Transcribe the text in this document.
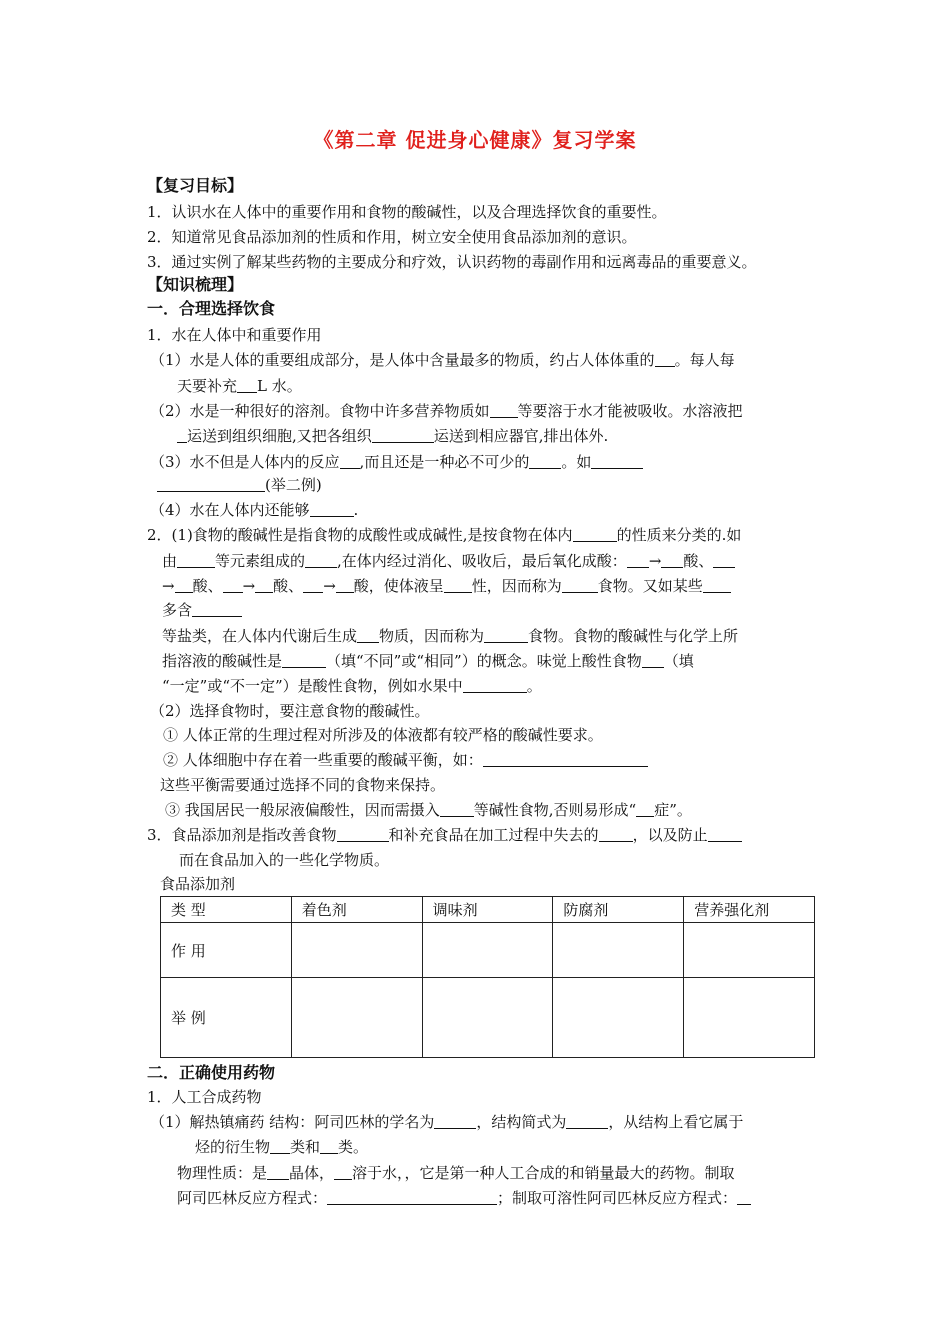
《第二章 促进身心健康》复习学案
【复习目标】
1．认识水在人体中的重要作用和食物的酸碱性，以及合理选择饮食的重要性。
2．知道常见食品添加剂的性质和作用，树立安全使用食品添加剂的意识。
3．通过实例了解某些药物的主要成分和疗效，认识药物的毒副作用和远离毒品的重要意义。
【知识梳理】
一．合理选择饮食
1．水在人体中和重要作用
（1）水是人体的重要组成部分，是人体中含量最多的物质，约占人体体重的 。每人每
天要补充 L 水。
（2）水是一种很好的溶剂。食物中许多营养物质如 等要溶于水才能被吸收。水溶液把
运送到组织细胞,又把各组织	运送到相应器官,排出体外.
（3）水不但是人体内的反应 ,而且还是一种必不可少的 。如
(举二例)
（4）水在人体内还能够	.
2．(1)食物的酸碱性是指食物的成酸性或成碱性,是按食物在体内	的性质来分类的.如
由	等元素组成的 ,在体内经过消化、吸收后，最后氧化成酸： → 酸、
→ 酸、 → 酸、 → 酸，使体液呈 性，因而称为 食物。又如某些
多含
等盐类，在人体内代谢后生成 物质，因而称为	食物。食物的酸碱性与化学上所
指溶液的酸碱性是	（填“不同”或“相同”）的概念。味觉上酸性食物 （填
“一定”或“不一定”）是酸性食物，例如水果中	。
（2）选择食物时，要注意食物的酸碱性。
① 人体正常的生理过程对所涉及的体液都有较严格的酸碱性要求。
② 人体细胞中存在着一些重要的酸碱平衡，如：
这些平衡需要通过选择不同的食物来保持。
③ 我国居民一般尿液偏酸性，因而需摄入 等碱性食物,否则易形成“ 症”。
3．食品添加剂是指改善食物	和补充食品在加工过程中失去的 ，以及防止
而在食品加入的一些化学物质。
食品添加剂
类 型	着色剂	调味剂	防腐剂	营养强化剂
作 用				
举 例				
二．正确使用药物
1．人工合成药物
（1）解热镇痛药 结构：阿司匹林的学名为	，结构简式为	，从结构上看它属于
烃的衍生物 类和 类。
物理性质：是 晶体， 溶于水，，它是第一种人工合成的和销量最大的药物。制取
阿司匹林反应方程式：	；制取可溶性阿司匹林反应方程式：
